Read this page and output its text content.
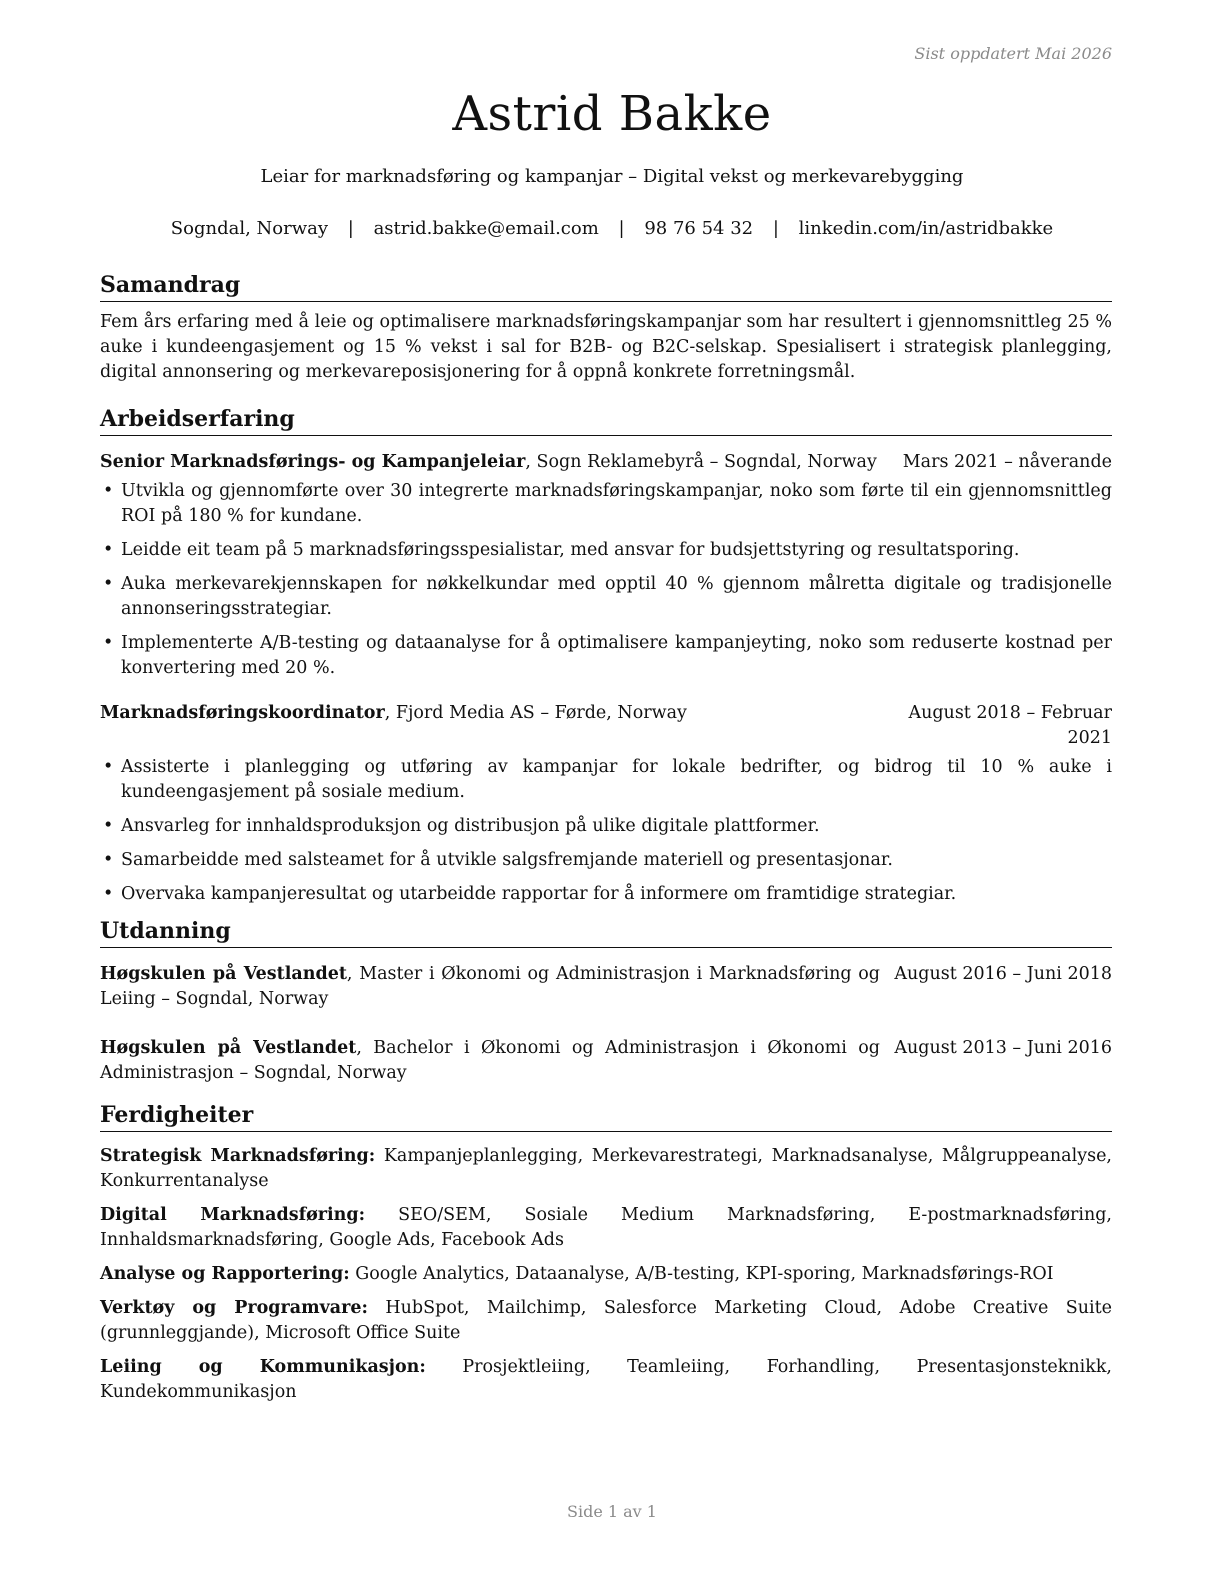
Sist oppdatert Mai 2026
Astrid Bakke
Leiar for marknadsføring og kampanjar – Digital vekst og merkevarebygging
Sogndal, Norway | astrid.bakke@email.com | 98 76 54 32 | linkedin.com/in/astridbakke
Samandrag
Fem års erfaring med å leie og optimalisere marknadsføringskampanjar som har resultert i gjennomsnittleg 25 % auke i kundeengasjement og 15 % vekst i sal for B2B- og B2C-selskap. Spesialisert i strategisk planlegging, digital annonsering og merkevareposisjonering for å oppnå konkrete forretningsmål.
Arbeidserfaring
Senior Marknadsførings- og Kampanjeleiar, Sogn Reklamebyrå – Sogndal, Norway Mars 2021 – nåverande
• Utvikla og gjennomførte over 30 integrerte marknadsføringskampanjar, noko som førte til ein gjennomsnittleg ROI på 180 % for kundane.
• Leidde eit team på 5 marknadsføringsspesialistar, med ansvar for budsjettstyring og resultatsporing.
• Auka merkevarekjennskapen for nøkkelkundar med opptil 40 % gjennom målretta digitale og tradisjonelle annonseringsstrategiar.
• Implementerte A/B-testing og dataanalyse for å optimalisere kampanjeyting, noko som reduserte kostnad per konvertering med 20 %.
Marknadsføringskoordinator, Fjord Media AS – Førde, Norway	August 2018 – Februar 2021
• Assisterte i planlegging og utføring av kampanjar for lokale bedrifter, og bidrog til 10 % auke i kundeengasjement på sosiale medium.
• Ansvarleg for innhaldsproduksjon og distribusjon på ulike digitale plattformer.
• Samarbeidde med salsteamet for å utvikle salgsfremjande materiell og presentasjonar.
• Overvaka kampanjeresultat og utarbeidde rapportar for å informere om framtidige strategiar.
Utdanning
Høgskulen på Vestlandet, Master i Økonomi og Administrasjon i Marknadsføring og Leiing – Sogndal, Norway
August 2016 – Juni 2018
Høgskulen på Vestlandet, Bachelor i Økonomi og Administrasjon i Økonomi og Administrasjon – Sogndal, Norway
August 2013 – Juni 2016
Ferdigheiter
Strategisk Marknadsføring: Kampanjeplanlegging, Merkevarestrategi, Marknadsanalyse, Målgruppeanalyse, Konkurrentanalyse
Digital Marknadsføring: SEO/SEM, Sosiale Medium Marknadsføring, E-postmarknadsføring, Innhaldsmarknadsføring, Google Ads, Facebook Ads
Analyse og Rapportering: Google Analytics, Dataanalyse, A/B-testing, KPI-sporing, Marknadsførings-ROI
Verktøy og Programvare: HubSpot, Mailchimp, Salesforce Marketing Cloud, Adobe Creative Suite (grunnleggjande), Microsoft Office Suite
Leiing og Kommunikasjon: Prosjektleiing, Teamleiing, Forhandling, Presentasjonsteknikk, Kundekommunikasjon
Side 1 av 1
